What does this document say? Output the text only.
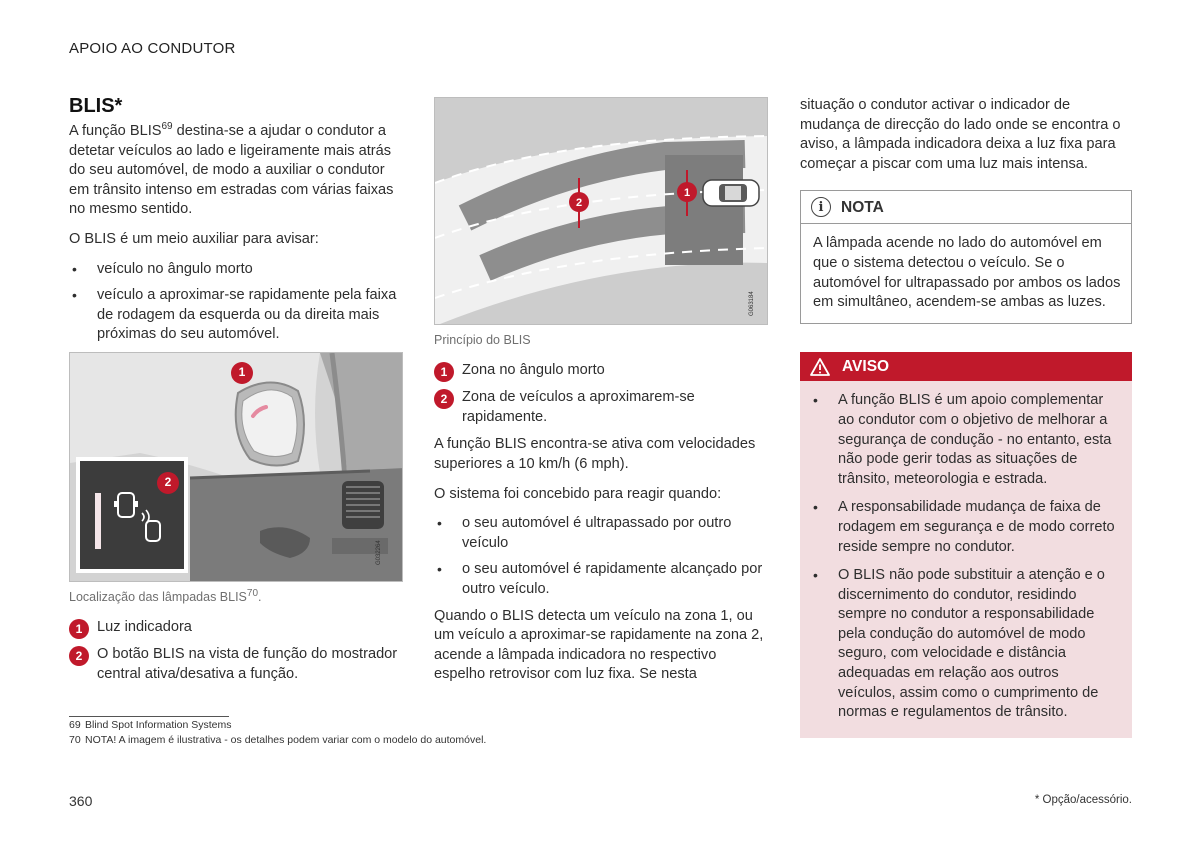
APOIO AO CONDUTOR
BLIS*

A função BLIS$^{69}$ destina-se a ajudar o condutor a detetar veículos ao lado e ligeiramente mais atrás do seu automóvel, de modo a auxiliar o condutor em trânsito intenso em estradas com várias faixas no mesmo sentido.

O BLIS é um meio auxiliar para avisar:

• veículo no ângulo morto
• veículo a aproximar-se rapidamente pela faixa de rodagem da esquerda ou da direita mais próximas do seu automóvel.
G032264
1
2
Localização das lâmpadas BLIS$^{70}$.
1	Luz indicadora
2	O botão BLIS na vista de função do mostrador central ativa/desativa a função.
G063184
1
2
Princípio do BLIS
1	Zona no ângulo morto
2	Zona de veículos a aproximarem-se rapidamente.

A função BLIS encontra-se ativa com velocidades superiores a 10 km/h (6 mph).

O sistema foi concebido para reagir quando:

• o seu automóvel é ultrapassado por outro veículo
• o seu automóvel é rapidamente alcançado por outro veículo.

Quando o BLIS detecta um veículo na zona 1, ou um veículo a aproximar-se rapidamente na zona 2, acende a lâmpada indicadora no respectivo espelho retrovisor com luz fixa. Se nesta

situação o condutor activar o indicador de mudança de direcção do lado onde se encontra o aviso, a lâmpada indicadora deixa a luz fixa para começar a piscar com uma luz mais intensa.

i	NOTA
A lâmpada acende no lado do automóvel em que o sistema detectou o veículo. Se o automóvel for ultrapassado por ambos os lados em simultâneo, acendem-se ambas as luzes.
AVISO
• A função BLIS é um apoio complementar ao condutor com o objetivo de melhorar a segurança de condução - no entanto, esta não pode gerir todas as situações de trânsito, meteorologia e estrada.
• A responsabilidade mudança de faixa de rodagem em segurança e de modo correto reside sempre no condutor.
• O BLIS não pode substituir a atenção e o discernimento do condutor, residindo sempre no condutor a responsabilidade pela condução do automóvel de modo seguro, com velocidade e distância adequadas em relação aos outros veículos, assim como o cumprimento de normas e regulamentos de trânsito.
69 Blind Spot Information Systems
70 NOTA! A imagem é ilustrativa - os detalhes podem variar com o modelo do automóvel.
360	* Opção/acessório.
